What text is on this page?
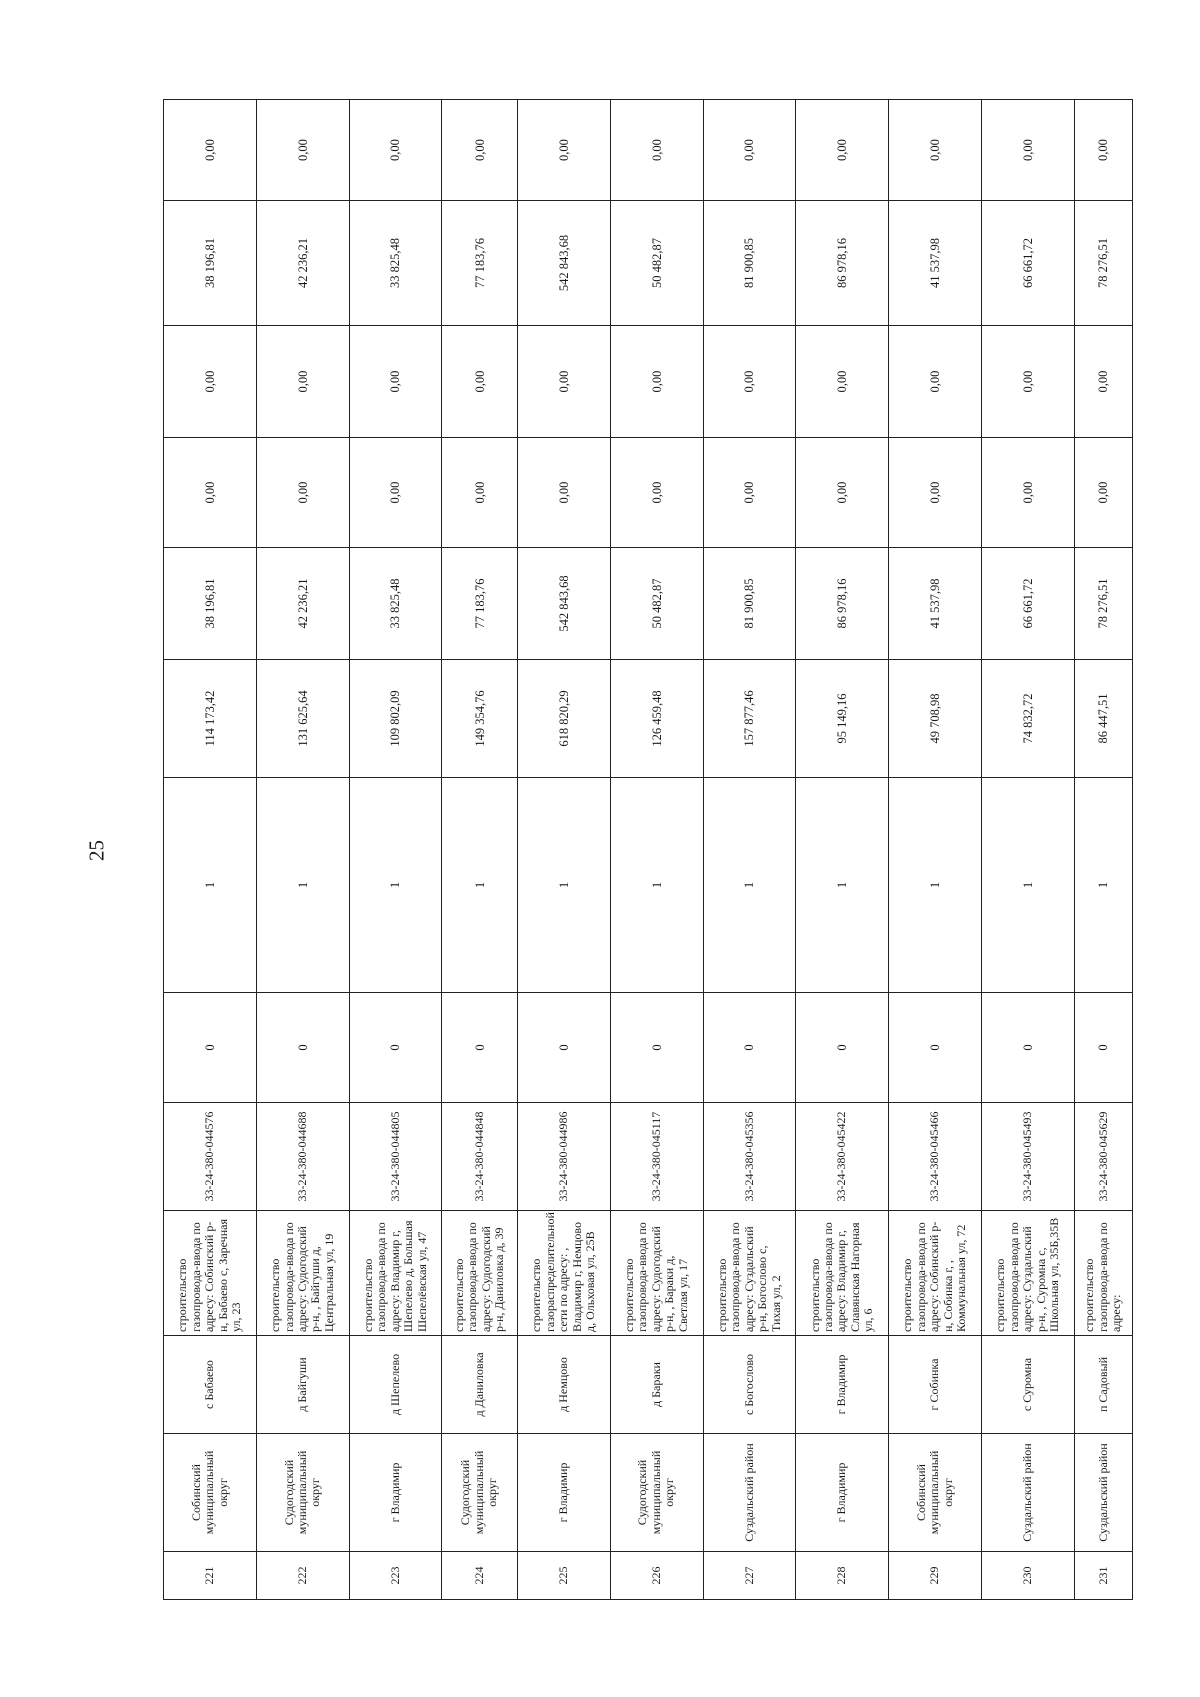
25
221	Собинский муниципальный округ	с Бабаево	строительство газопровода-ввода по адресу: Собинский р-н, Бабаево с, Заречная ул, 23	33-24-380-044576	0	1	114 173,42	38 196,81	0,00	0,00	38 196,81	0,00
222	Судогодский муниципальный округ	д Байгуши	строительство газопровода-ввода по адресу: Судогодский р-н, , Байгуши д, Центральная ул, 19	33-24-380-044688	0	1	131 625,64	42 236,21	0,00	0,00	42 236,21	0,00
223	г Владимир	д Шепелево	строительство газопровода-ввода по адресу: Владимир г, Шепелево д, Большая Шепелёвская ул, 47	33-24-380-044805	0	1	109 802,09	33 825,48	0,00	0,00	33 825,48	0,00
224	Судогодский муниципальный округ	д Даниловка	строительство газопровода-ввода по адресу: Судогодский р-н, Даниловка д, 39	33-24-380-044848	0	1	149 354,76	77 183,76	0,00	0,00	77 183,76	0,00
225	г Владимир	д Немцово	строительство газораспределительной сети по адресу: , Владимир г, Немцово д, Ольховая ул, 25В	33-24-380-044986	0	1	618 820,29	542 843,68	0,00	0,00	542 843,68	0,00
226	Судогодский муниципальный округ	д Бараки	строительство газопровода-ввода по адресу: Судогодский р-н, , Бараки д, Светлая ул, 17	33-24-380-045117	0	1	126 459,48	50 482,87	0,00	0,00	50 482,87	0,00
227	Суздальский район	с Богослово	строительство газопровода-ввода по адресу: Суздальский р-н, Богослово с, Тихая ул, 2	33-24-380-045356	0	1	157 877,46	81 900,85	0,00	0,00	81 900,85	0,00
228	г Владимир	г Владимир	строительство газопровода-ввода по адресу: Владимир г, Славянская Нагорная ул, 6	33-24-380-045422	0	1	95 149,16	86 978,16	0,00	0,00	86 978,16	0,00
229	Собинский муниципальный округ	г Собинка	строительство газопровода-ввода по адресу: Собинский р-н, Собинка г, , Коммунальная ул, 72	33-24-380-045466	0	1	49 708,98	41 537,98	0,00	0,00	41 537,98	0,00
230	Суздальский район	с Суромна	строительство газопровода-ввода по адресу: Суздальский р-н, , Суромна с, Школьная ул, 35Б,35В	33-24-380-045493	0	1	74 832,72	66 661,72	0,00	0,00	66 661,72	0,00
231	Суздальский район	п Садовый	строительство газопровода-ввода по адресу:	33-24-380-045629	0	1	86 447,51	78 276,51	0,00	0,00	78 276,51	0,00
